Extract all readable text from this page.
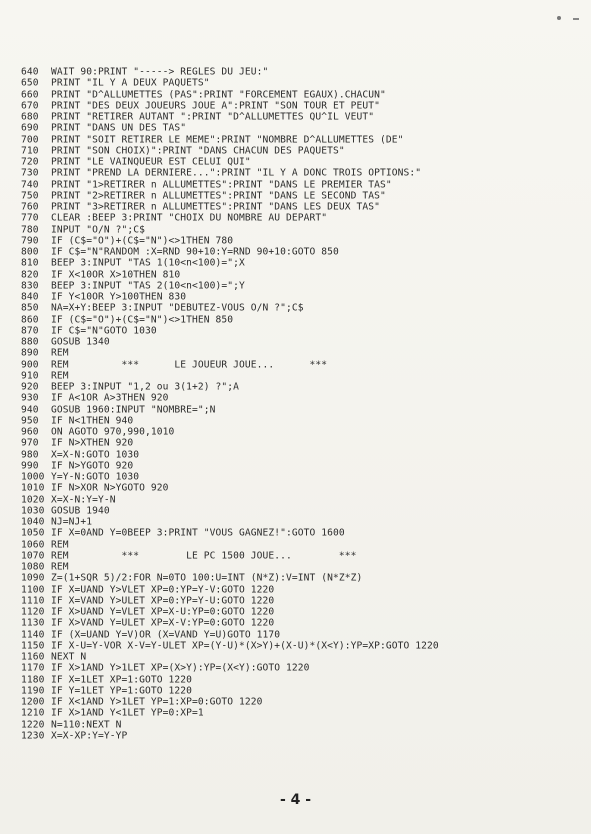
640 WAIT 90:PRINT "-----> REGLES DU JEU:"
650 PRINT "IL Y A DEUX PAQUETS"
660 PRINT "D^ALLUMETTES (PAS":PRINT "FORCEMENT EGAUX).CHACUN"
670 PRINT "DES DEUX JOUEURS JOUE A":PRINT "SON TOUR ET PEUT"
680 PRINT "RETIRER AUTANT ":PRINT "D^ALLUMETTES QU^IL VEUT"
690 PRINT "DANS UN DES TAS"
700 PRINT "SOIT RETIRER LE MEME":PRINT "NOMBRE D^ALLUMETTES (DE"
710 PRINT "SON CHOIX)":PRINT "DANS CHACUN DES PAQUETS"
720 PRINT "LE VAINQUEUR EST CELUI QUI"
730 PRINT "PREND LA DERNIERE...":PRINT "IL Y A DONC TROIS OPTIONS:"
740 PRINT "1>RETIRER n ALLUMETTES":PRINT "DANS LE PREMIER TAS"
750 PRINT "2>RETIRER n ALLUMETTES":PRINT "DANS LE SECOND TAS"
760 PRINT "3>RETIRER n ALLUMETTES":PRINT "DANS LES DEUX TAS"
770 CLEAR :BEEP 3:PRINT "CHOIX DU NOMBRE AU DEPART"
780 INPUT "O/N ?";C$
790 IF (C$="O")+(C$="N")<>1THEN 780
800 IF C$="N"RANDOM :X=RND 90+10:Y=RND 90+10:GOTO 850
810 BEEP 3:INPUT "TAS 1(10<n<100)=";X
820 IF X<10OR X>10THEN 810
830 BEEP 3:INPUT "TAS 2(10<n<100)=";Y
840 IF Y<10OR Y>100THEN 830
850 NA=X+Y:BEEP 3:INPUT "DEBUTEZ-VOUS O/N ?";C$
860 IF (C$="O")+(C$="N")<>1THEN 850
870 IF C$="N"GOTO 1030
880 GOSUB 1340
890 REM
900 REM         ***      LE JOUEUR JOUE...      ***
910 REM
920 BEEP 3:INPUT "1,2 ou 3(1+2) ?";A
930 IF A<1OR A>3THEN 920
940 GOSUB 1960:INPUT "NOMBRE=";N
950 IF N<1THEN 940
960 ON AGOTO 970,990,1010
970 IF N>XTHEN 920
980 X=X-N:GOTO 1030
990 IF N>YGOTO 920
1000 Y=Y-N:GOTO 1030
1010 IF N>XOR N>YGOTO 920
1020 X=X-N:Y=Y-N
1030 GOSUB 1940
1040 NJ=NJ+1
1050 IF X=0AND Y=0BEEP 3:PRINT "VOUS GAGNEZ!":GOTO 1600
1060 REM
1070 REM         ***        LE PC 1500 JOUE...        ***
1080 REM
1090 Z=(1+SQR 5)/2:FOR N=0TO 100:U=INT (N*Z):V=INT (N*Z*Z)
1100 IF X=UAND Y>VLET XP=0:YP=Y-V:GOTO 1220
1110 IF X=VAND Y>ULET XP=0:YP=Y-U:GOTO 1220
1120 IF X>UAND Y=VLET XP=X-U:YP=0:GOTO 1220
1130 IF X>VAND Y=ULET XP=X-V:YP=0:GOTO 1220
1140 IF (X=UAND Y=V)OR (X=VAND Y=U)GOTO 1170
1150 IF X-U=Y-VOR X-V=Y-ULET XP=(Y-U)*(X>Y)+(X-U)*(X<Y):YP=XP:GOTO 1220
1160 NEXT N
1170 IF X>1AND Y>1LET XP=(X>Y):YP=(X<Y):GOTO 1220
1180 IF X=1LET XP=1:GOTO 1220
1190 IF Y=1LET YP=1:GOTO 1220
1200 IF X<1AND Y>1LET YP=1:XP=0:GOTO 1220
1210 IF X>1AND Y<1LET YP=0:XP=1
1220 N=110:NEXT N
1230 X=X-XP:Y=Y-YP
- 4 -
